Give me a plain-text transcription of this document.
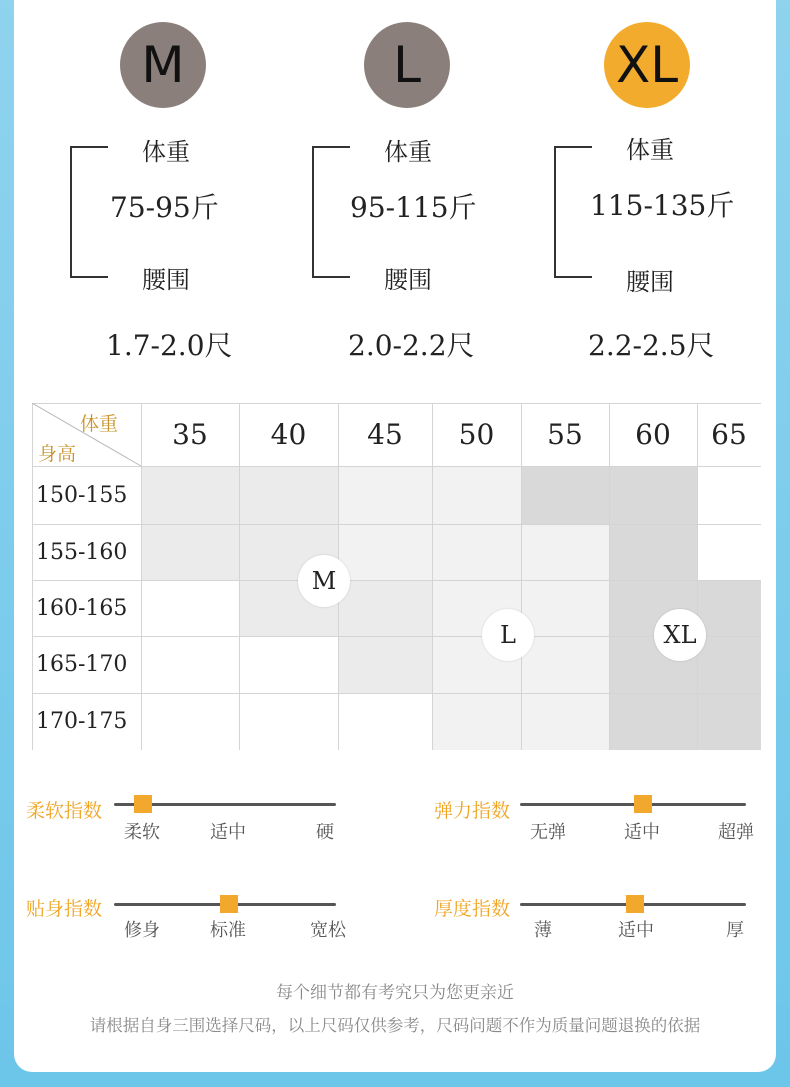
M
体重
75-95斤
腰围
1.7-2.0尺
L
体重
95-115斤
腰围
2.0-2.2尺
XL
体重
115-135斤
腰围
2.2-2.5尺
体重
身高
35	40	45	50	55	60	65
150-155
155-160
160-165
165-170
170-175
M
L	XL
柔软指数
柔软	适中	硬
弹力指数
无弹	适中	超弹
贴身指数
修身	标准	宽松
厚度指数
薄	适中	厚
每个细节都有考究只为您更亲近
请根据自身三围选择尺码，以上尺码仅供参考，尺码问题不作为质量问题退换的依据
